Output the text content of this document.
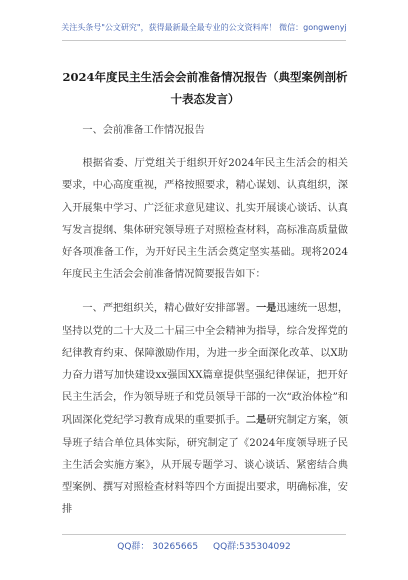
关注头条号"公文研究"，获得最新最全最专业的公文资料库！ 微信：gongwenyj
2024年度民主生活会会前准备情况报告（典型案例剖析十表态发言）

一、会前准备工作情况报告

根据省委、厅党组关于组织开好2024年民主生活会的相关要求，中心高度重视，严格按照要求，精心谋划、认真组织，深入开展集中学习、广泛征求意见建议、扎实开展谈心谈话、认真写发言提纲、集体研究领导班子对照检查材料，高标准高质量做好各项准备工作，为开好民主生活会奠定坚实基础。现将2024年度民主生活会会前准备情况简要报告如下：

一、严把组织关，精心做好安排部署。一是迅速统一思想，坚持以党的二十大及二十届三中全会精神为指导，综合发挥党的纪律教育约束、保障激励作用，为进一步全面深化改革、以X助力奋力谱写加快建设xx强国XX篇章提供坚强纪律保证，把开好民主生活会，作为领导班子和党员领导干部的一次“政治体检”和巩固深化党纪学习教育成果的重要抓手。二是研究制定方案，领导班子结合单位具体实际，研究制定了《2024年度领导班子民主生活会实施方案》，从开展专题学习、谈心谈话、紧密结合典型案例、撰写对照检查材料等四个方面提出要求，明确标准，安排

QQ群： 30265665 QQ群:535304092
